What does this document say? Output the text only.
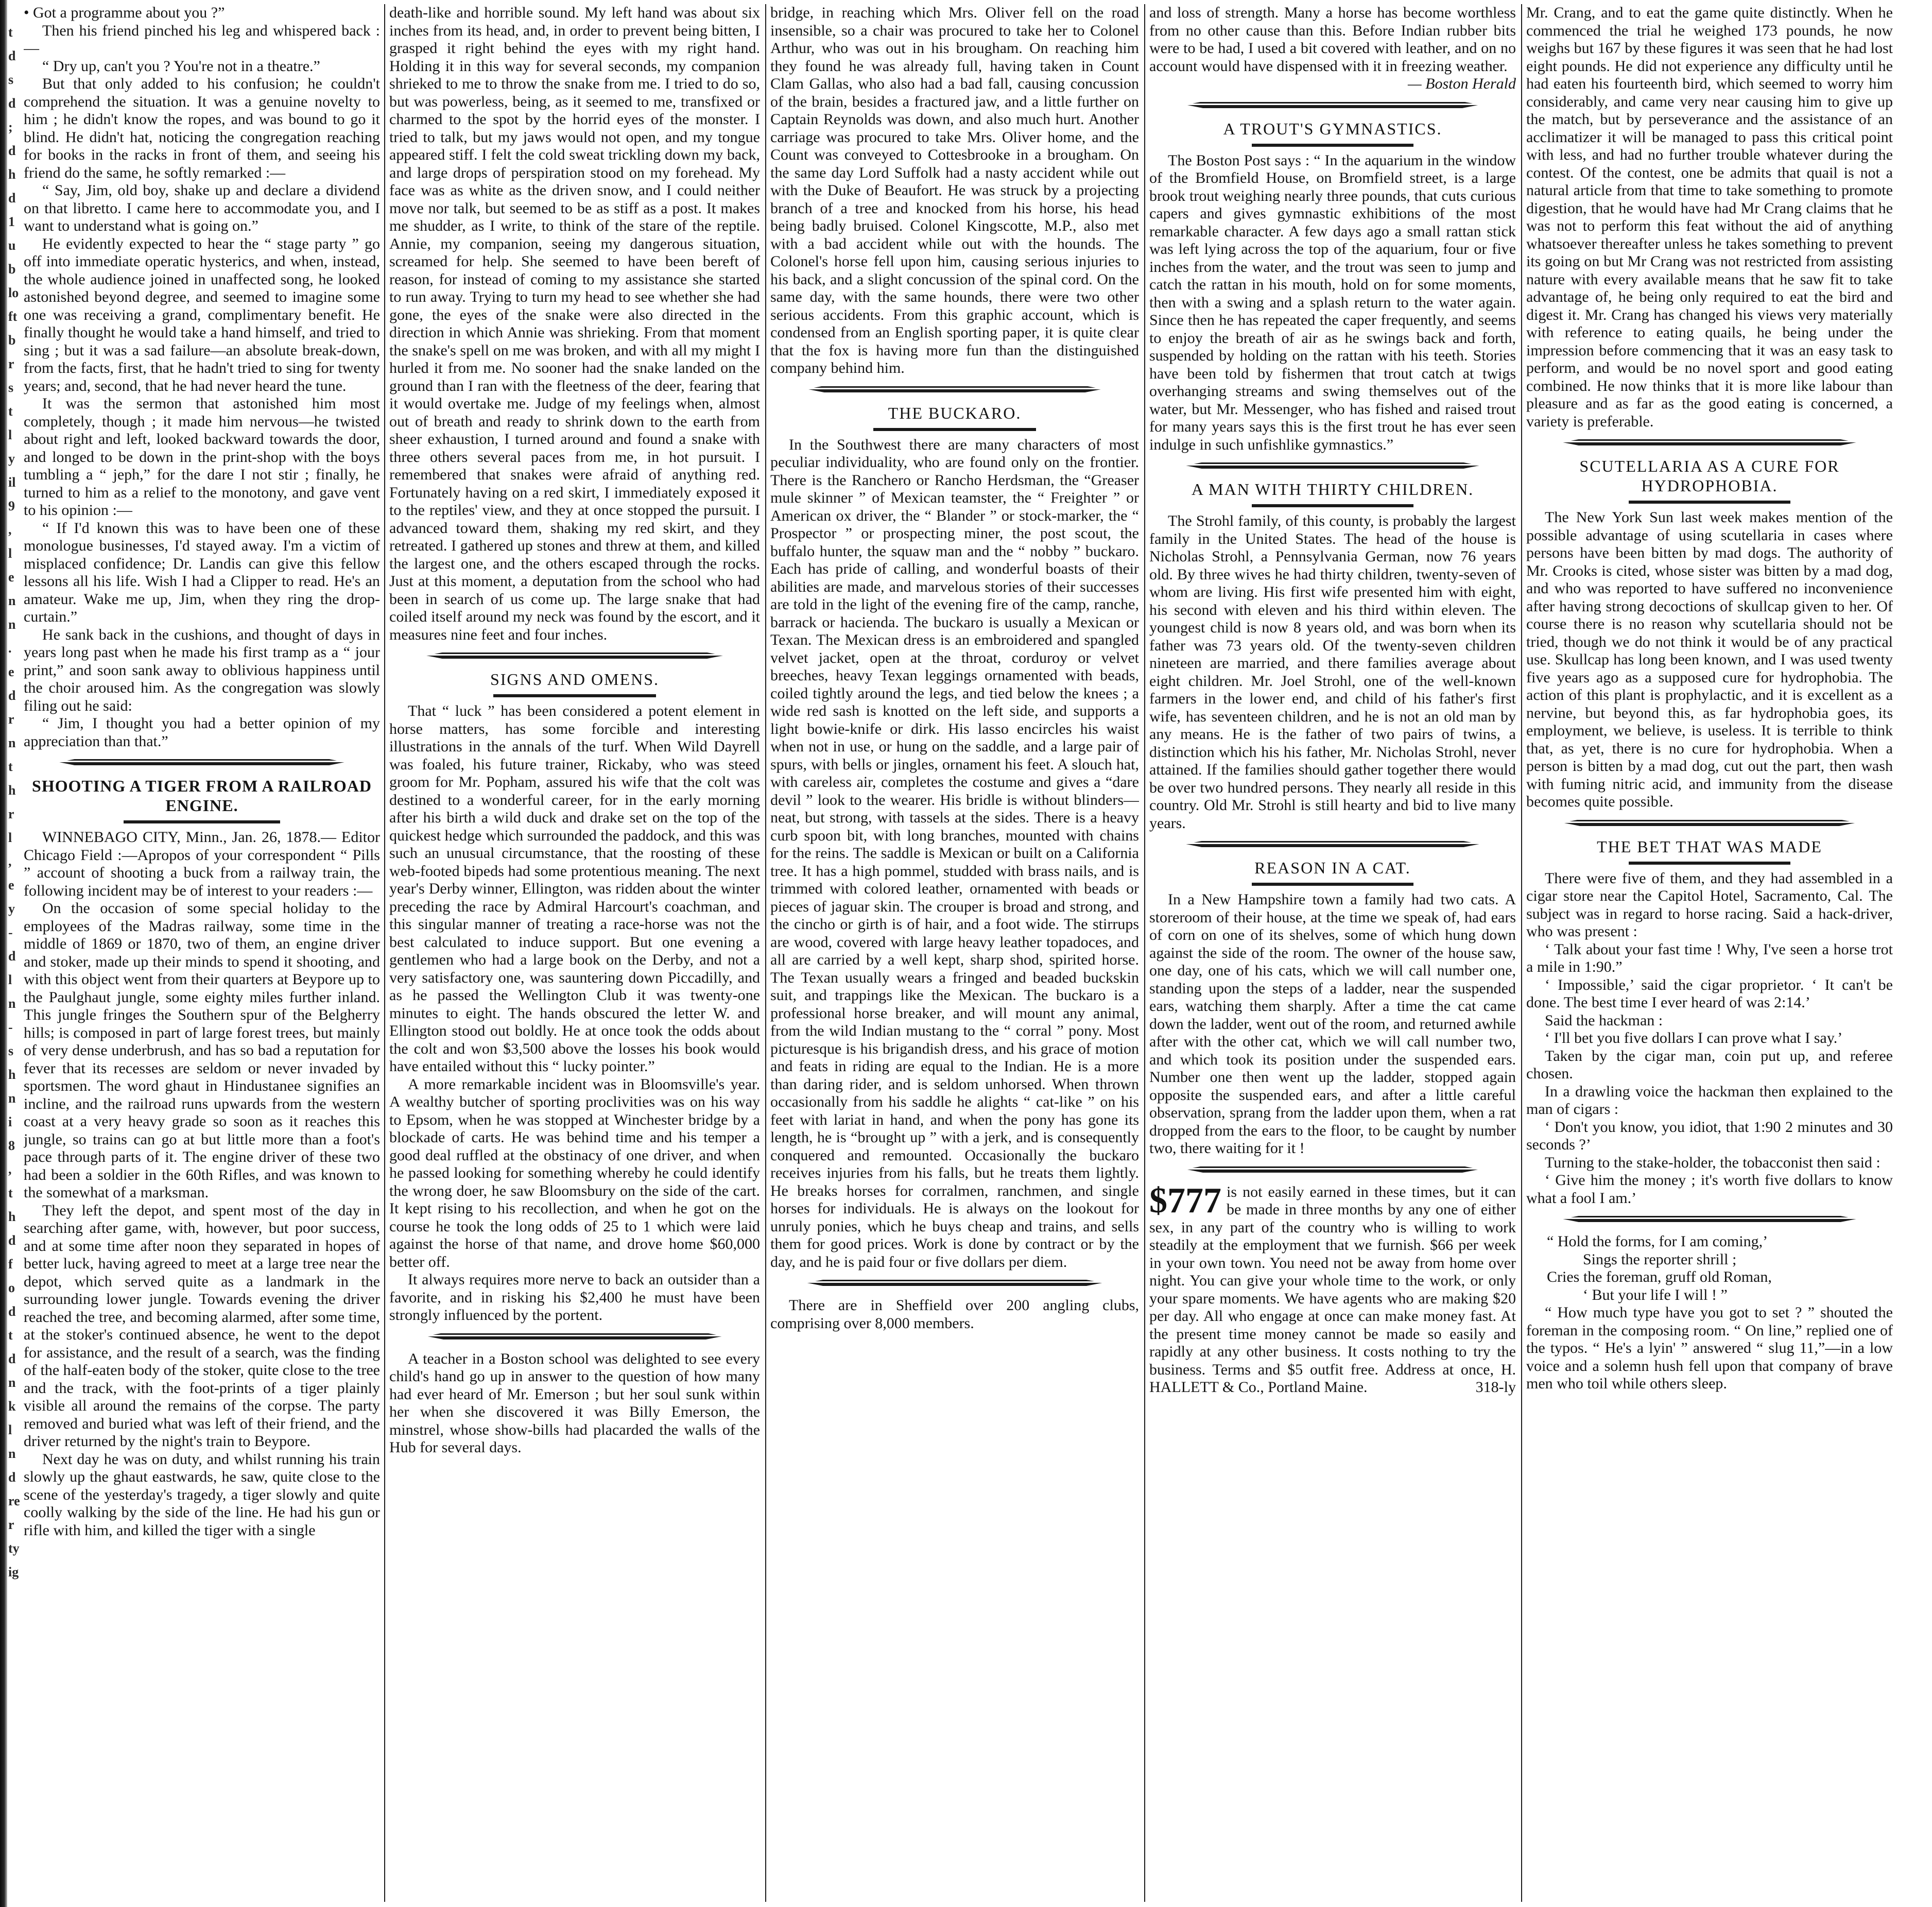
t
d
s
d
;
d
h
d
1
u
b
lo
ft
b
r
s
t
l
y
il
9
,
l
e
n
n
.
e
d
r
n
t
h
r
l
,
e
y
-
d
l
n
-
s
h
n
i
8
,
t
h
d
f
o
d
t
d
n
k
l
n
d
re
r
ty
ig

• Got a programme about you ?”

Then his friend pinched his leg and whispered back :—

“ Dry up, can't you ? You're not in a theatre.”

But that only added to his confusion; he couldn't comprehend the situation. It was a genuine novelty to him ; he didn't know the ropes, and was bound to go it blind. He didn't hat, noticing the congregation reaching for books in the racks in front of them, and seeing his friend do the same, he softly remarked :—

“ Say, Jim, old boy, shake up and declare a dividend on that libretto. I came here to accommodate you, and I want to understand what is going on.”

He evidently expected to hear the “ stage party ” go off into immediate operatic hysterics, and when, instead, the whole audience joined in unaffected song, he looked astonished beyond degree, and seemed to imagine some one was receiving a grand, complimentary benefit. He finally thought he would take a hand himself, and tried to sing ; but it was a sad failure—an absolute break-down, from the facts, first, that he hadn't tried to sing for twenty years; and, second, that he had never heard the tune.

It was the sermon that astonished him most completely, though ; it made him nervous—he twisted about right and left, looked backward towards the door, and longed to be down in the print-shop with the boys tumbling a “ jeph,” for the dare I not stir ; finally, he turned to him as a relief to the monotony, and gave vent to his opinion :—

“ If I'd known this was to have been one of these monologue businesses, I'd stayed away. I'm a victim of misplaced confidence; Dr. Landis can give this fellow lessons all his life. Wish I had a Clipper to read. He's an amateur. Wake me up, Jim, when they ring the drop-curtain.”

He sank back in the cushions, and thought of days in years long past when he made his first tramp as a “ jour print,” and soon sank away to oblivious happiness until the choir aroused him. As the congregation was slowly filing out he said:

“ Jim, I thought you had a better opinion of my appreciation than that.”

SHOOTING A TIGER FROM A RAILROAD ENGINE.

WINNEBAGO CITY, Minn., Jan. 26, 1878.— Editor Chicago Field :—Apropos of your correspondent “ Pills ” account of shooting a buck from a railway train, the following incident may be of interest to your readers :—

On the occasion of some special holiday to the employees of the Madras railway, some time in the middle of 1869 or 1870, two of them, an engine driver and stoker, made up their minds to spend it shooting, and with this object went from their quarters at Beypore up to the Paulghaut jungle, some eighty miles further inland. This jungle fringes the Southern spur of the Belgherry hills; is composed in part of large forest trees, but mainly of very dense underbrush, and has so bad a reputation for fever that its recesses are seldom or never invaded by sportsmen. The word ghaut in Hindustanee signifies an incline, and the railroad runs upwards from the western coast at a very heavy grade so soon as it reaches this jungle, so trains can go at but little more than a foot's pace through parts of it. The engine driver of these two had been a soldier in the 60th Rifles, and was known to the somewhat of a marksman.

They left the depot, and spent most of the day in searching after game, with, however, but poor success, and at some time after noon they separated in hopes of better luck, having agreed to meet at a large tree near the depot, which served quite as a landmark in the surrounding lower jungle. Towards evening the driver reached the tree, and becoming alarmed, after some time, at the stoker's continued absence, he went to the depot for assistance, and the result of a search, was the finding of the half-eaten body of the stoker, quite close to the tree and the track, with the foot-prints of a tiger plainly visible all around the remains of the corpse. The party removed and buried what was left of their friend, and the driver returned by the night's train to Beypore.

Next day he was on duty, and whilst running his train slowly up the ghaut eastwards, he saw, quite close to the scene of the yesterday's tragedy, a tiger slowly and quite coolly walking by the side of the line. He had his gun or rifle with him, and killed the tiger with a single

death-like and horrible sound. My left hand was about six inches from its head, and, in order to prevent being bitten, I grasped it right behind the eyes with my right hand. Holding it in this way for several seconds, my companion shrieked to me to throw the snake from me. I tried to do so, but was powerless, being, as it seemed to me, transfixed or charmed to the spot by the horrid eyes of the monster. I tried to talk, but my jaws would not open, and my tongue appeared stiff. I felt the cold sweat trickling down my back, and large drops of perspiration stood on my forehead. My face was as white as the driven snow, and I could neither move nor talk, but seemed to be as stiff as a post. It makes me shudder, as I write, to think of the stare of the reptile. Annie, my companion, seeing my dangerous situation, screamed for help. She seemed to have been bereft of reason, for instead of coming to my assistance she started to run away. Trying to turn my head to see whether she had gone, the eyes of the snake were also directed in the direction in which Annie was shrieking. From that moment the snake's spell on me was broken, and with all my might I hurled it from me. No sooner had the snake landed on the ground than I ran with the fleetness of the deer, fearing that it would overtake me. Judge of my feelings when, almost out of breath and ready to shrink down to the earth from sheer exhaustion, I turned around and found a snake with three others several paces from me, in hot pursuit. I remembered that snakes were afraid of anything red. Fortunately having on a red skirt, I immediately exposed it to the reptiles' view, and they at once stopped the pursuit. I advanced toward them, shaking my red skirt, and they retreated. I gathered up stones and threw at them, and killed the largest one, and the others escaped through the rocks. Just at this moment, a deputation from the school who had been in search of us come up. The large snake that had coiled itself around my neck was found by the escort, and it measures nine feet and four inches.

SIGNS AND OMENS.

That “ luck ” has been considered a potent element in horse matters, has some forcible and interesting illustrations in the annals of the turf. When Wild Dayrell was foaled, his future trainer, Rickaby, who was steed groom for Mr. Popham, assured his wife that the colt was destined to a wonderful career, for in the early morning after his birth a wild duck and drake set on the top of the quickest hedge which surrounded the paddock, and this was such an unusual circumstance, that the roosting of these web-footed bipeds had some protentious meaning. The next year's Derby winner, Ellington, was ridden about the winter preceding the race by Admiral Harcourt's coachman, and this singular manner of treating a race-horse was not the best calculated to induce support. But one evening a gentlemen who had a large book on the Derby, and not a very satisfactory one, was sauntering down Piccadilly, and as he passed the Wellington Club it was twenty-one minutes to eight. The hands obscured the letter W. and Ellington stood out boldly. He at once took the odds about the colt and won $3,500 above the losses his book would have entailed without this “ lucky pointer.”

A more remarkable incident was in Bloomsville's year. A wealthy butcher of sporting proclivities was on his way to Epsom, when he was stopped at Winchester bridge by a blockade of carts. He was behind time and his temper a good deal ruffled at the obstinacy of one driver, and when he passed looking for something whereby he could identify the wrong doer, he saw Bloomsbury on the side of the cart. It kept rising to his recollection, and when he got on the course he took the long odds of 25 to 1 which were laid against the horse of that name, and drove home $60,000 better off.

It always requires more nerve to back an outsider than a favorite, and in risking his $2,400 he must have been strongly influenced by the portent.

A teacher in a Boston school was delighted to see every child's hand go up in answer to the question of how many had ever heard of Mr. Emerson ; but her soul sunk within her when she discovered it was Billy Emerson, the minstrel, whose show-bills had placarded the walls of the Hub for several days.

bridge, in reaching which Mrs. Oliver fell on the road insensible, so a chair was procured to take her to Colonel Arthur, who was out in his brougham. On reaching him they found he was already full, having taken in Count Clam Gallas, who also had a bad fall, causing concussion of the brain, besides a fractured jaw, and a little further on Captain Reynolds was down, and also much hurt. Another carriage was procured to take Mrs. Oliver home, and the Count was conveyed to Cottesbrooke in a brougham. On the same day Lord Suffolk had a nasty accident while out with the Duke of Beaufort. He was struck by a projecting branch of a tree and knocked from his horse, his head being badly bruised. Colonel Kingscotte, M.P., also met with a bad accident while out with the hounds. The Colonel's horse fell upon him, causing serious injuries to his back, and a slight concussion of the spinal cord. On the same day, with the same hounds, there were two other serious accidents. From this graphic account, which is condensed from an English sporting paper, it is quite clear that the fox is having more fun than the distinguished company behind him.

THE BUCKARO.

In the Southwest there are many characters of most peculiar individuality, who are found only on the frontier. There is the Ranchero or Rancho Herdsman, the “Greaser mule skinner ” of Mexican teamster, the “ Freighter ” or American ox driver, the “ Blander ” or stock-marker, the “ Prospector ” or prospecting miner, the post scout, the buffalo hunter, the squaw man and the “ nobby ” buckaro. Each has pride of calling, and wonderful boasts of their abilities are made, and marvelous stories of their successes are told in the light of the evening fire of the camp, ranche, barrack or hacienda. The buckaro is usually a Mexican or Texan. The Mexican dress is an embroidered and spangled velvet jacket, open at the throat, corduroy or velvet breeches, heavy Texan leggings ornamented with beads, coiled tightly around the legs, and tied below the knees ; a wide red sash is knotted on the left side, and supports a light bowie-knife or dirk. His lasso encircles his waist when not in use, or hung on the saddle, and a large pair of spurs, with bells or jingles, ornament his feet. A slouch hat, with careless air, completes the costume and gives a “dare devil ” look to the wearer. His bridle is without blinders—neat, but strong, with tassels at the sides. There is a heavy curb spoon bit, with long branches, mounted with chains for the reins. The saddle is Mexican or built on a California tree. It has a high pommel, studded with brass nails, and is trimmed with colored leather, ornamented with beads or pieces of jaguar skin. The crouper is broad and strong, and the cincho or girth is of hair, and a foot wide. The stirrups are wood, covered with large heavy leather topadoces, and all are carried by a well kept, sharp shod, spirited horse. The Texan usually wears a fringed and beaded buckskin suit, and trappings like the Mexican. The buckaro is a professional horse breaker, and will mount any animal, from the wild Indian mustang to the “ corral ” pony. Most picturesque is his brigandish dress, and his grace of motion and feats in riding are equal to the Indian. He is a more than daring rider, and is seldom unhorsed. When thrown occasionally from his saddle he alights “ cat-like ” on his feet with lariat in hand, and when the pony has gone its length, he is “brought up ” with a jerk, and is consequently conquered and remounted. Occasionally the buckaro receives injuries from his falls, but he treats them lightly. He breaks horses for corralmen, ranchmen, and single horses for individuals. He is always on the lookout for unruly ponies, which he buys cheap and trains, and sells them for good prices. Work is done by contract or by the day, and he is paid four or five dollars per diem.

There are in Sheffield over 200 angling clubs, comprising over 8,000 members.

and loss of strength. Many a horse has become worthless from no other cause than this. Before Indian rubber bits were to be had, I used a bit covered with leather, and on no account would have dispensed with it in freezing weather.

— Boston Herald

A TROUT'S GYMNASTICS.

The Boston Post says : “ In the aquarium in the window of the Bromfield House, on Bromfield street, is a large brook trout weighing nearly three pounds, that cuts curious capers and gives gymnastic exhibitions of the most remarkable character. A few days ago a small rattan stick was left lying across the top of the aquarium, four or five inches from the water, and the trout was seen to jump and catch the rattan in his mouth, hold on for some moments, then with a swing and a splash return to the water again. Since then he has repeated the caper frequently, and seems to enjoy the breath of air as he swings back and forth, suspended by holding on the rattan with his teeth. Stories have been told by fishermen that trout catch at twigs overhanging streams and swing themselves out of the water, but Mr. Messenger, who has fished and raised trout for many years says this is the first trout he has ever seen indulge in such unfishlike gymnastics.”

A MAN WITH THIRTY CHILDREN.

The Strohl family, of this county, is probably the largest family in the United States. The head of the house is Nicholas Strohl, a Pennsylvania German, now 76 years old. By three wives he had thirty children, twenty-seven of whom are living. His first wife presented him with eight, his second with eleven and his third within eleven. The youngest child is now 8 years old, and was born when its father was 73 years old. Of the twenty-seven children nineteen are married, and there families average about eight children. Mr. Joel Strohl, one of the well-known farmers in the lower end, and child of his father's first wife, has seventeen children, and he is not an old man by any means. He is the father of two pairs of twins, a distinction which his his father, Mr. Nicholas Strohl, never attained. If the families should gather together there would be over two hundred persons. They nearly all reside in this country. Old Mr. Strohl is still hearty and bid to live many years.

REASON IN A CAT.

In a New Hampshire town a family had two cats. A storeroom of their house, at the time we speak of, had ears of corn on one of its shelves, some of which hung down against the side of the room. The owner of the house saw, one day, one of his cats, which we will call number one, standing upon the steps of a ladder, near the suspended ears, watching them sharply. After a time the cat came down the ladder, went out of the room, and returned awhile after with the other cat, which we will call number two, and which took its position under the suspended ears. Number one then went up the ladder, stopped again opposite the suspended ears, and after a little careful observation, sprang from the ladder upon them, when a rat dropped from the ears to the floor, to be caught by number two, there waiting for it !

$777 is not easily earned in these times, but it can be made in three months by any one of either sex, in any part of the country who is willing to work steadily at the employment that we furnish. $66 per week in your own town. You need not be away from home over night. You can give your whole time to the work, or only your spare moments. We have agents who are making $20 per day. All who engage at once can make money fast. At the present time money cannot be made so easily and rapidly at any other business. It costs nothing to try the business. Terms and $5 outfit free. Address at once, H. HALLETT & Co., Portland Maine.	318-ly

Mr. Crang, and to eat the game quite distinctly. When he commenced the trial he weighed 173 pounds, he now weighs but 167 by these figures it was seen that he had lost eight pounds. He did not experience any difficulty until he had eaten his fourteenth bird, which seemed to worry him considerably, and came very near causing him to give up the match, but by perseverance and the assistance of an acclimatizer it will be managed to pass this critical point with less, and had no further trouble whatever during the contest. Of the contest, one be admits that quail is not a natural article from that time to take something to promote digestion, that he would have had Mr Crang claims that he was not to perform this feat without the aid of anything whatsoever thereafter unless he takes something to prevent its going on but Mr Crang was not restricted from assisting nature with every available means that he saw fit to take advantage of, he being only required to eat the bird and digest it. Mr. Crang has changed his views very materially with reference to eating quails, he being under the impression before commencing that it was an easy task to perform, and would be no novel sport and good eating combined. He now thinks that it is more like labour than pleasure and as far as the good eating is concerned, a variety is preferable.

SCUTELLARIA AS A CURE FOR HYDROPHOBIA.

The New York Sun last week makes mention of the possible advantage of using scutellaria in cases where persons have been bitten by mad dogs. The authority of Mr. Crooks is cited, whose sister was bitten by a mad dog, and who was reported to have suffered no inconvenience after having strong decoctions of skullcap given to her. Of course there is no reason why scutellaria should not be tried, though we do not think it would be of any practical use. Skullcap has long been known, and I was used twenty five years ago as a supposed cure for hydrophobia. The action of this plant is prophylactic, and it is excellent as a nervine, but beyond this, as far hydrophobia goes, its employment, we believe, is useless. It is terrible to think that, as yet, there is no cure for hydrophobia. When a person is bitten by a mad dog, cut out the part, then wash with fuming nitric acid, and immunity from the disease becomes quite possible.

THE BET THAT WAS MADE

There were five of them, and they had assembled in a cigar store near the Capitol Hotel, Sacramento, Cal. The subject was in regard to horse racing. Said a hack-driver, who was present :

‘ Talk about your fast time ! Why, I've seen a horse trot a mile in 1:90.”

‘ Impossible,’ said the cigar proprietor. ‘ It can't be done. The best time I ever heard of was 2:14.’

Said the hackman :

‘ I'll bet you five dollars I can prove what I say.’

Taken by the cigar man, coin put up, and referee chosen.

In a drawling voice the hackman then explained to the man of cigars :

‘ Don't you know, you idiot, that 1:90 2 minutes and 30 seconds ?’

Turning to the stake-holder, the tobacconist then said :

‘ Give him the money ; it's worth five dollars to know what a fool I am.’

“ Hold the forms, for I am coming,’

Sings the reporter shrill ;

Cries the foreman, gruff old Roman,

‘ But your life I will ! ”

“ How much type have you got to set ? ” shouted the foreman in the composing room. “ On line,” replied one of the typos. “ He's a lyin' ” answered “ slug 11,”—in a low voice and a solemn hush fell upon that company of brave men who toil while others sleep.
